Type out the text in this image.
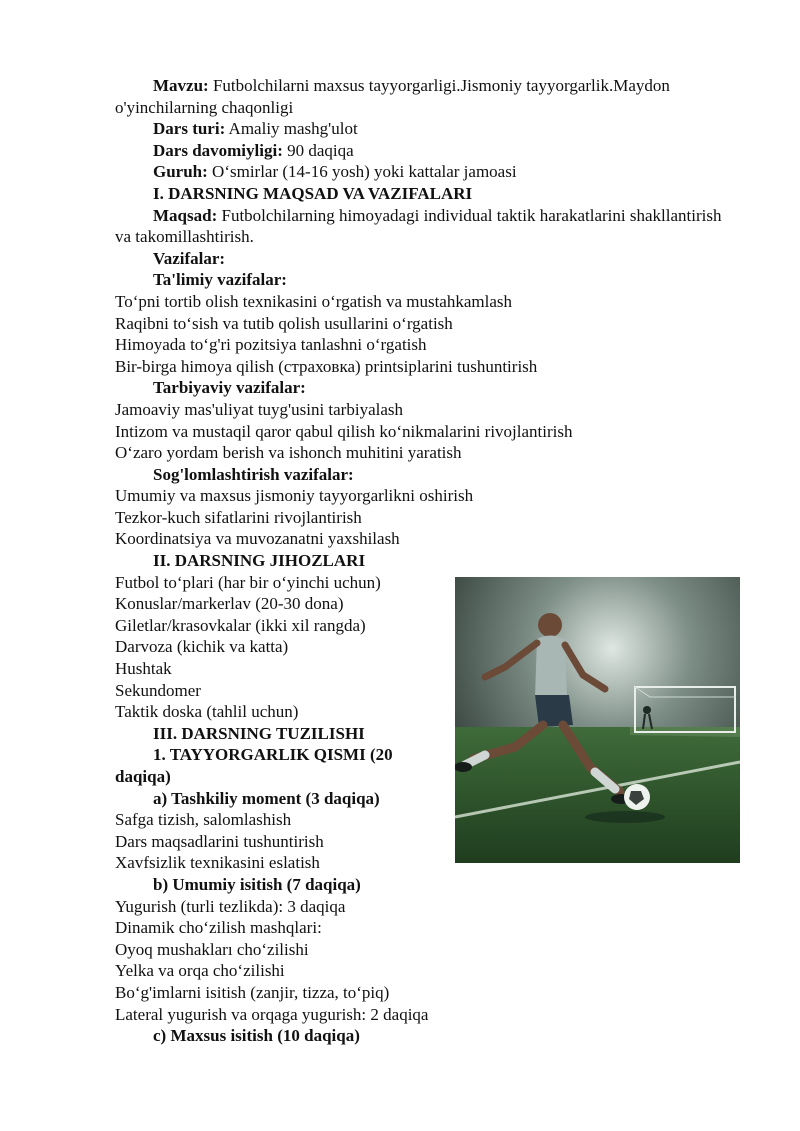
Mavzu: Futbolchilarni maxsus tayyorgarligi.Jismoniy tayyorgarlik.Maydon o'yinchilarning chaqonligi

Dars turi: Amaliy mashg'ulot

Dars davomiyligi: 90 daqiqa

Guruh: O‘smirlar (14-16 yosh) yoki kattalar jamoasi

I. DARSNING MAQSAD VA VAZIFALARI

Maqsad: Futbolchilarning himoyadagi individual taktik harakatlarini shakllantirish va takomillashtirish.

Vazifalar:

Ta'limiy vazifalar:

To‘pni tortib olish texnikasini o‘rgatish va mustahkamlash

Raqibni to‘sish va tutib qolish usullarini o‘rgatish

Himoyada to‘g'ri pozitsiya tanlashni o‘rgatish

Bir-birga himoya qilish (страховка) printsiplarini tushuntirish

Tarbiyaviy vazifalar:

Jamoaviy mas'uliyat tuyg'usini tarbiyalash

Intizom va mustaqil qaror qabul qilish ko‘nikmalarini rivojlantirish

O‘zaro yordam berish va ishonch muhitini yaratish

Sog'lomlashtirish vazifalar:

Umumiy va maxsus jismoniy tayyorgarlikni oshirish

Tezkor-kuch sifatlarini rivojlantirish

Koordinatsiya va muvozanatni yaxshilash

II. DARSNING JIHOZLARI

Futbol to‘plari (har bir o‘yinchi uchun)

Konuslar/markerlav (20-30 dona)

Giletlar/krasovkalar (ikki xil rangda)

Darvoza (kichik va katta)

Hushtak

Sekundomer

Taktik doska (tahlil uchun)

III. DARSNING TUZILISHI

1. TAYYORGARLIK QISMI (20 daqiqa)

a) Tashkiliy moment (3 daqiqa)

Safga tizish, salomlashish

Dars maqsadlarini tushuntirish

Xavfsizlik texnikasini eslatish

b) Umumiy isitish (7 daqiqa)

Yugurish (turli tezlikda): 3 daqiqa

Dinamik cho‘zilish mashqlari:

Oyoq mushakları cho‘zilishi

Yelka va orqa cho‘zilishi

Bo‘g'imlarni isitish (zanjir, tizza, to‘piq)

Lateral yugurish va orqaga yugurish: 2 daqiqa

c) Maxsus isitish (10 daqiqa)
